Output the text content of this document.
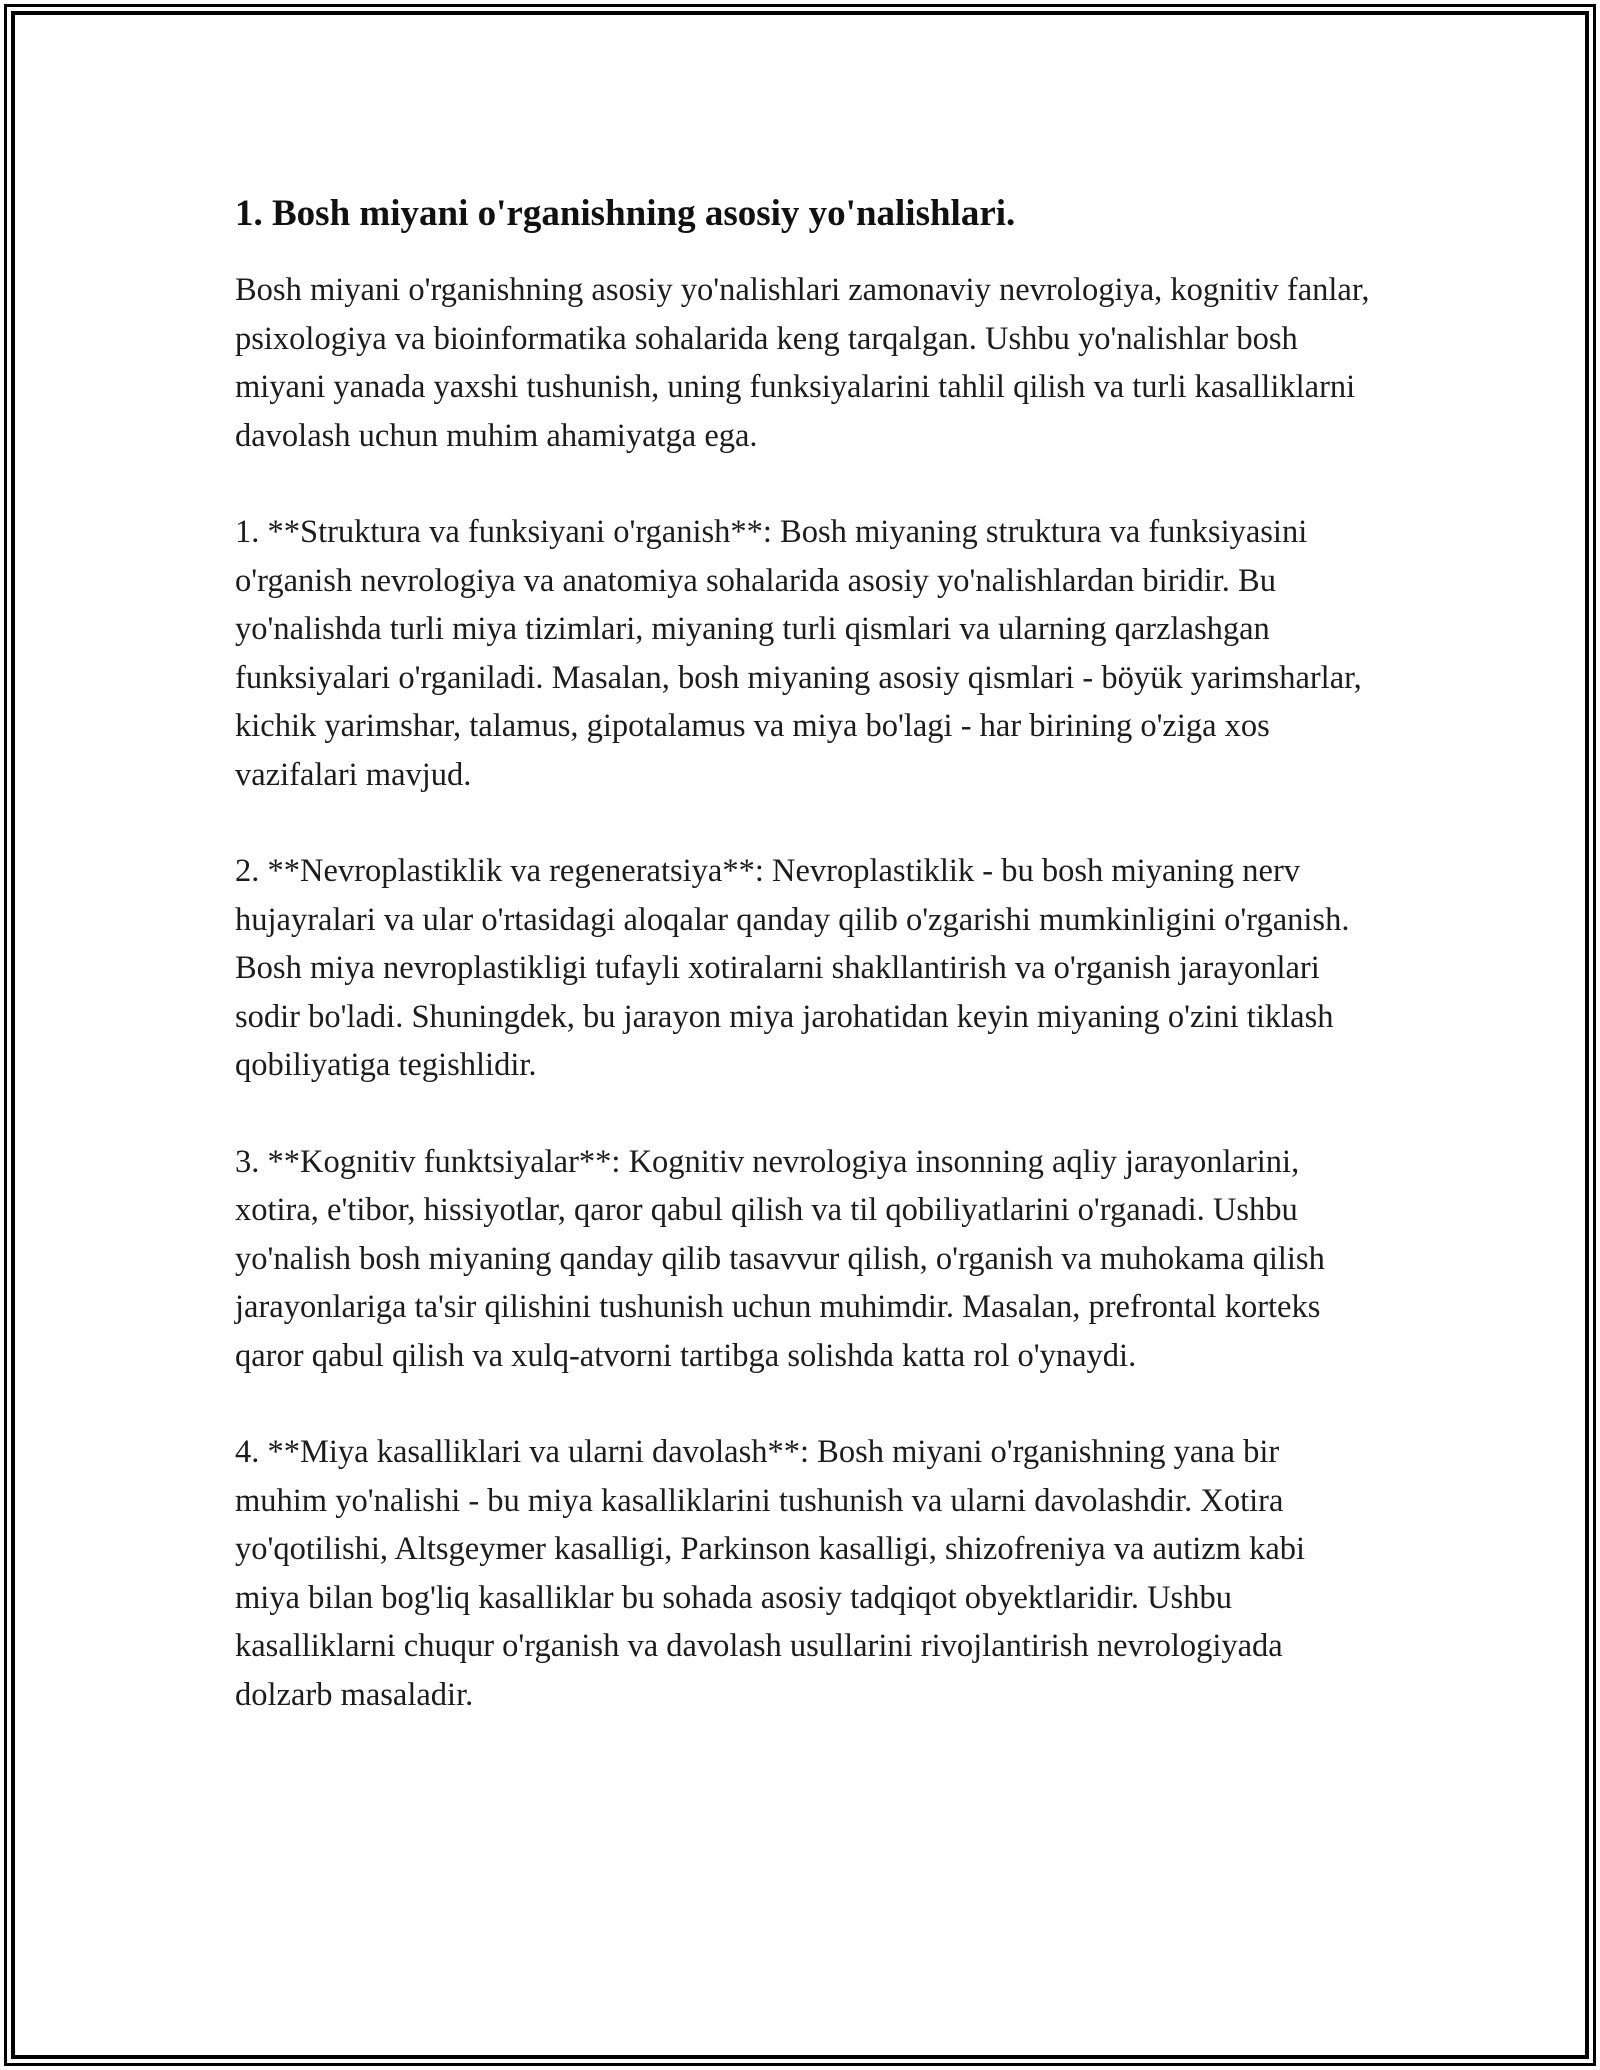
1. Bosh miyani o'rganishning asosiy yo'nalishlari.

Bosh miyani o'rganishning asosiy yo'nalishlari zamonaviy nevrologiya, kognitiv fanlar, psixologiya va bioinformatika sohalarida keng tarqalgan. Ushbu yo'nalishlar bosh miyani yanada yaxshi tushunish, uning funksiyalarini tahlil qilish va turli kasalliklarni davolash uchun muhim ahamiyatga ega.

1. **Struktura va funksiyani o'rganish**: Bosh miyaning struktura va funksiyasini o'rganish nevrologiya va anatomiya sohalarida asosiy yo'nalishlardan biridir. Bu yo'nalishda turli miya tizimlari, miyaning turli qismlari va ularning qarzlashgan funksiyalari o'rganiladi. Masalan, bosh miyaning asosiy qismlari - böyük yarimsharlar, kichik yarimshar, talamus, gipotalamus va miya bo'lagi - har birining o'ziga xos vazifalari mavjud.

2. **Nevroplastiklik va regeneratsiya**: Nevroplastiklik - bu bosh miyaning nerv hujayralari va ular o'rtasidagi aloqalar qanday qilib o'zgarishi mumkinligini o'rganish. Bosh miya nevroplastikligi tufayli xotiralarni shakllantirish va o'rganish jarayonlari sodir bo'ladi. Shuningdek, bu jarayon miya jarohatidan keyin miyaning o'zini tiklash qobiliyatiga tegishlidir.

3. **Kognitiv funktsiyalar**: Kognitiv nevrologiya insonning aqliy jarayonlarini, xotira, e'tibor, hissiyotlar, qaror qabul qilish va til qobiliyatlarini o'rganadi. Ushbu yo'nalish bosh miyaning qanday qilib tasavvur qilish, o'rganish va muhokama qilish jarayonlariga ta'sir qilishini tushunish uchun muhimdir. Masalan, prefrontal korteks qaror qabul qilish va xulq-atvorni tartibga solishda katta rol o'ynaydi.

4. **Miya kasalliklari va ularni davolash**: Bosh miyani o'rganishning yana bir muhim yo'nalishi - bu miya kasalliklarini tushunish va ularni davolashdir. Xotira yo'qotilishi, Altsgeymer kasalligi, Parkinson kasalligi, shizofreniya va autizm kabi miya bilan bog'liq kasalliklar bu sohada asosiy tadqiqot obyektlaridir. Ushbu kasalliklarni chuqur o'rganish va davolash usullarini rivojlantirish nevrologiyada dolzarb masaladir.
